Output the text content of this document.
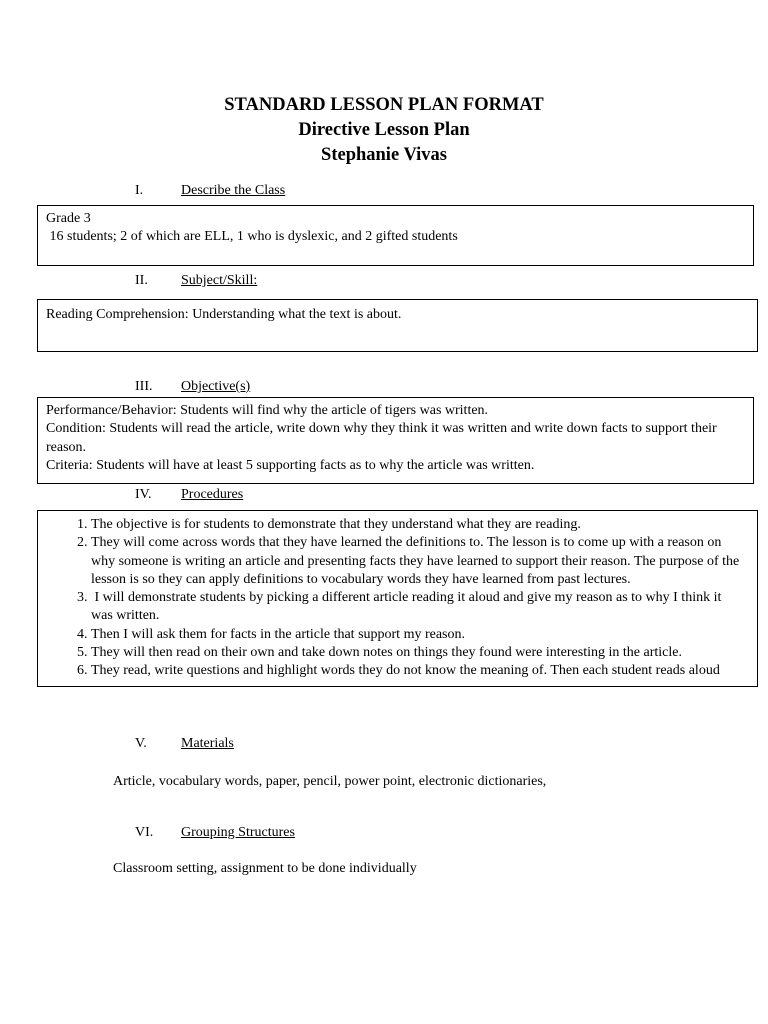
STANDARD LESSON PLAN FORMAT
Directive Lesson Plan
Stephanie Vivas
I.	Describe the Class

Grade 3

16 students; 2 of which are ELL, 1 who is dyslexic, and 2 gifted students

II. Subject/Skill:

Reading Comprehension: Understanding what the text is about.

III. Objective(s)

Performance/Behavior: Students will find why the article of tigers was written.

Condition: Students will read the article, write down why they think it was written and write down facts to support their reason.

Criteria: Students will have at least 5 supporting facts as to why the article was written.

IV. Procedures
1. The objective is for students to demonstrate that they understand what they are reading.
2. They will come across words that they have learned the definitions to. The lesson is to come up with a reason on why someone is writing an article and presenting facts they have learned to support their reason. The purpose of the lesson is so they can apply definitions to vocabulary words they have learned from past lectures.
3.  I will demonstrate students by picking a different article reading it aloud and give my reason as to why I think it was written.
4. Then I will ask them for facts in the article that support my reason.
5. They will then read on their own and take down notes on things they found were interesting in the article.
6. They read, write questions and highlight words they do not know the meaning of. Then each student reads aloud
V. Materials
Article, vocabulary words, paper, pencil, power point, electronic dictionaries,
VI. Grouping Structures
Classroom setting, assignment to be done individually
